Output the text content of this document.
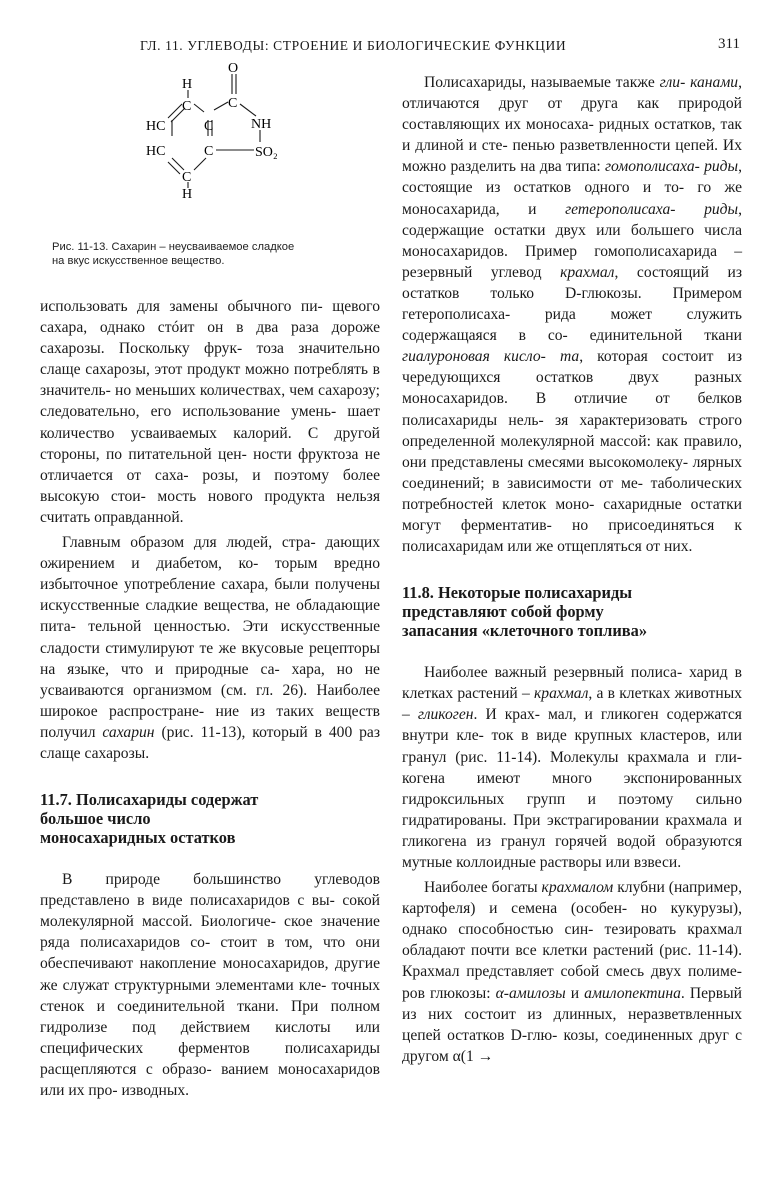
ГЛ. 11. УГЛЕВОДЫ: СТРОЕНИЕ И БИОЛОГИЧЕСКИЕ ФУНКЦИИ	311
O
H
C	C
NH
HC	C
HC	C	SO₂
C
H
Рис. 11-13. Сахарин – неусваиваемое сладкое
на вкус искусственное вещество.

использовать для замены обычного пи- щевого сахара, однако стóит он в два раза дороже сахарозы. Поскольку фрук- тоза значительно слаще сахарозы, этот продукт можно потреблять в значитель- но меньших количествах, чем сахарозу; следовательно, его использование умень- шает количество усваиваемых калорий. С другой стороны, по питательной цен- ности фруктоза не отличается от саха- розы, и поэтому более высокую стои- мость нового продукта нельзя считать оправданной.

Главным образом для людей, стра- дающих ожирением и диабетом, ко- торым вредно избыточное употребление сахара, были получены искусственные сладкие вещества, не обладающие пита- тельной ценностью. Эти искусственные сладости стимулируют те же вкусовые рецепторы на языке, что и природные са- хара, но не усваиваются организмом (см. гл. 26). Наиболее широкое распростране- ние из таких веществ получил сахарин (рис. 11-13), который в 400 раз слаще сахарозы.

11.7. Полисахариды содержат
большое число
моносахаридных остатков

В природе большинство углеводов представлено в виде полисахаридов с вы- сокой молекулярной массой. Биологиче- ское значение ряда полисахаридов со- стоит в том, что они обеспечивают накопление моносахаридов, другие же служат структурными элементами кле- точных стенок и соединительной ткани. При полном гидролизе под действием кислоты или специфических ферментов полисахариды расщепляются с образо- ванием моносахаридов или их про- изводных.

Полисахариды, называемые также гли- канами, отличаются друг от друга как природой составляющих их моносаха- ридных остатков, так и длиной и сте- пенью разветвленности цепей. Их можно разделить на два типа: гомополисаха- риды, состоящие из остатков одного и то- го же моносахарида, и гетерополисаха- риды, содержащие остатки двух или большего числа моносахаридов. Пример гомополисахарида – резервный углевод крахмал, состоящий из остатков только D-глюкозы. Примером гетерополисаха- рида может служить содержащаяся в со- единительной ткани гиалуроновая кисло- та, которая состоит из чередующихся остатков двух разных моносахаридов. В отличие от белков полисахариды нель- зя характеризовать строго определенной молекулярной массой: как правило, они представлены смесями высокомолеку- лярных соединений; в зависимости от ме- таболических потребностей клеток моно- сахаридные остатки могут ферментатив- но присоединяться к полисахаридам или же отщепляться от них.

11.8. Некоторые полисахариды
представляют собой форму
запасания «клеточного топлива»

Наиболее важный резервный полиса- харид в клетках растений – крахмал, а в клетках животных – гликоген. И крах- мал, и гликоген содержатся внутри кле- ток в виде крупных кластеров, или гранул (рис. 11-14). Молекулы крахмала и гли- когена имеют много экспонированных гидроксильных групп и поэтому сильно гидратированы. При экстрагировании крахмала и гликогена из гранул горячей водой образуются мутные коллоидные растворы или взвеси.

Наиболее богаты крахмалом клубни (например, картофеля) и семена (особен- но кукурузы), однако способностью син- тезировать крахмал обладают почти все клетки растений (рис. 11-14). Крахмал представляет собой смесь двух полиме- ров глюкозы: α-амилозы и амилопектина. Первый из них состоит из длинных, неразветвленных цепей остатков D-глю- козы, соединенных друг с другом α(1 →
